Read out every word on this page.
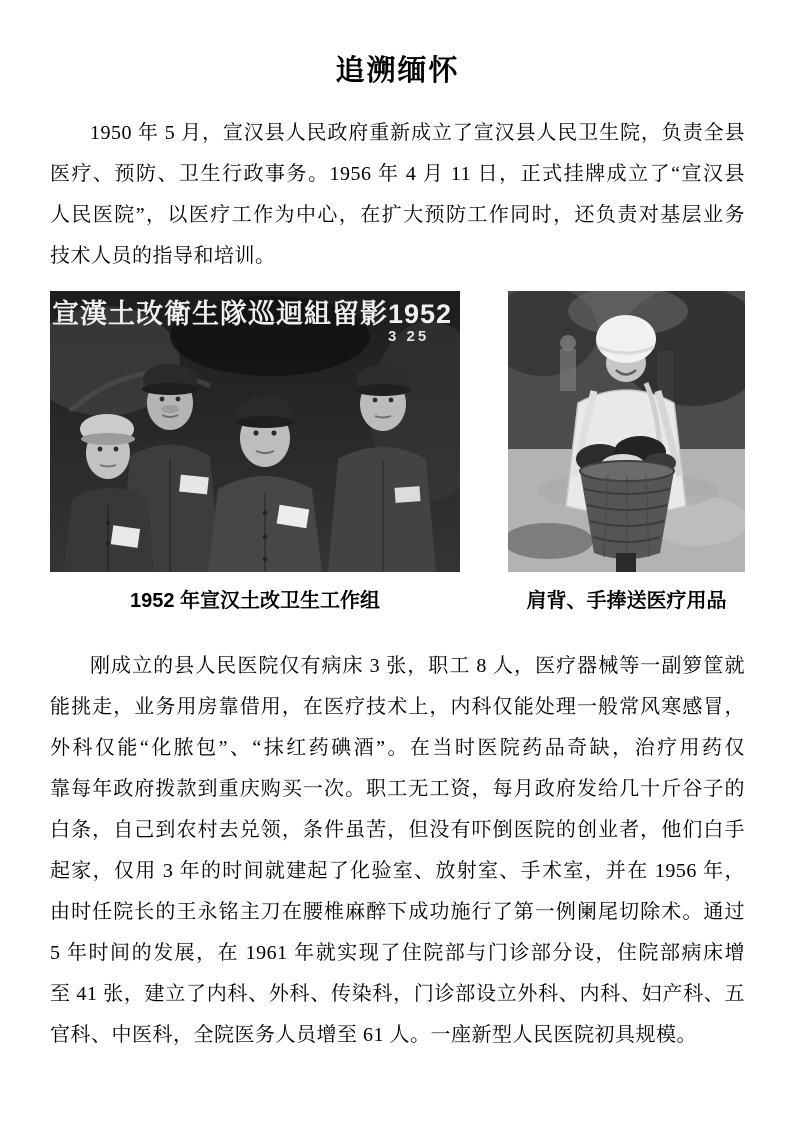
追溯缅怀
1950 年 5 月，宣汉县人民政府重新成立了宣汉县人民卫生院，负责全县
医疗、预防、卫生行政事务。1956 年 4 月 11 日，正式挂牌成立了“宣汉县
人民医院”，以医疗工作为中心，在扩大预防工作同时，还负责对基层业务
技术人员的指导和培训。
宣漢土改衛生隊巡迴組留影1952
3 25
1952 年宣汉土改卫生工作组	肩背、手捧送医疗用品
刚成立的县人民医院仅有病床 3 张，职工 8 人，医疗器械等一副箩筐就
能挑走，业务用房靠借用，在医疗技术上，内科仅能处理一般常风寒感冒，
外科仅能“化脓包”、“抹红药碘酒”。在当时医院药品奇缺，治疗用药仅
靠每年政府拨款到重庆购买一次。职工无工资，每月政府发给几十斤谷子的
白条，自己到农村去兑领，条件虽苦，但没有吓倒医院的创业者，他们白手
起家，仅用 3 年的时间就建起了化验室、放射室、手术室，并在 1956 年，
由时任院长的王永铭主刀在腰椎麻醉下成功施行了第一例阑尾切除术。通过
5 年时间的发展，在 1961 年就实现了住院部与门诊部分设，住院部病床增
至 41 张，建立了内科、外科、传染科，门诊部设立外科、内科、妇产科、五
官科、中医科，全院医务人员增至 61 人。一座新型人民医院初具规模。
